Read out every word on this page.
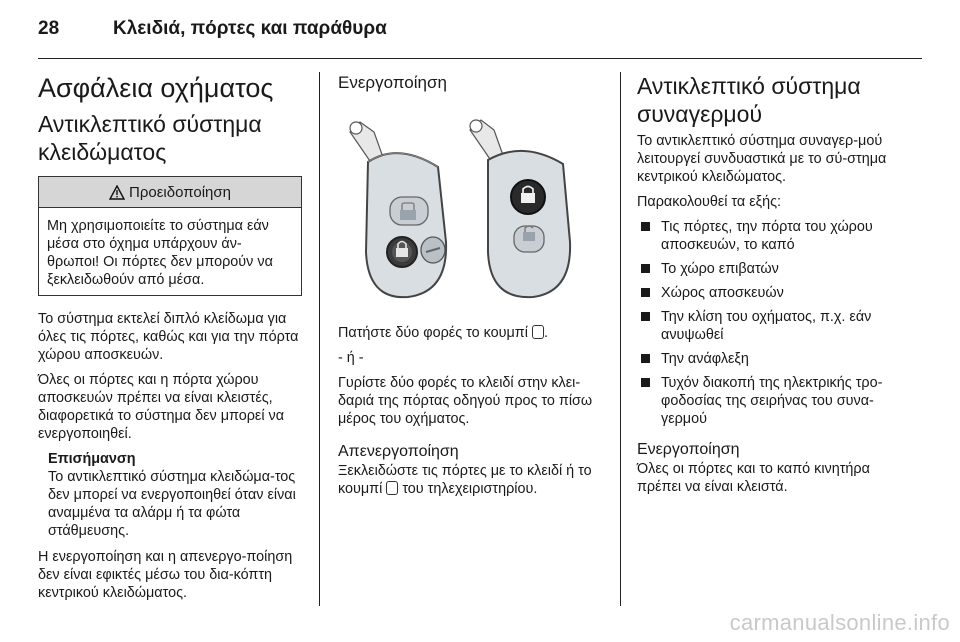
28	Κλειδιά, πόρτες και παράθυρα
Ασφάλεια οχήματος
Αντικλεπτικό σύστημα κλειδώματος
Προειδοποίηση

Μη χρησιμοποιείτε το σύστημα εάν μέσα στο όχημα υπάρχουν άν-θρωποι! Οι πόρτες δεν μπορούν να ξεκλειδωθούν από μέσα.

Το σύστημα εκτελεί διπλό κλείδωμα για όλες τις πόρτες, καθώς και για την πόρτα χώρου αποσκευών.

Όλες οι πόρτες και η πόρτα χώρου αποσκευών πρέπει να είναι κλειστές, διαφορετικά το σύστημα δεν μπορεί να ενεργοποιηθεί.

Επισήμανση

Το αντικλεπτικό σύστημα κλειδώμα-τος δεν μπορεί να ενεργοποιηθεί όταν είναι αναμμένα τα αλάρμ ή τα φώτα στάθμευσης.

Η ενεργοποίηση και η απενεργο-ποίηση δεν είναι εφικτές μέσω του δια-κόπτη κεντρικού κλειδώματος.

Ενεργοποίηση

Πατήστε δύο φορές το κουμπί .

- ή -

Γυρίστε δύο φορές το κλειδί στην κλει-δαριά της πόρτας οδηγού προς το πίσω μέρος του οχήματος.

Απενεργοποίηση

Ξεκλειδώστε τις πόρτες με το κλειδί ή το κουμπί του τηλεχειριστηρίου.

Αντικλεπτικό σύστημα συναγερμού

Το αντικλεπτικό σύστημα συναγερ-μού λειτουργεί συνδυαστικά με το σύ-στημα κεντρικού κλειδώματος.

Παρακολουθεί τα εξής:

Τις πόρτες, την πόρτα του χώρου αποσκευών, το καπό
Το χώρο επιβατών
Χώρος αποσκευών
Την κλίση του οχήματος, π.χ. εάν ανυψωθεί
Την ανάφλεξη
Τυχόν διακοπή της ηλεκτρικής τρο-φοδοσίας της σειρήνας του συνα-γερμού
Ενεργοποίηση

Όλες οι πόρτες και το καπό κινητήρα πρέπει να είναι κλειστά.

carmanualsonline.info
